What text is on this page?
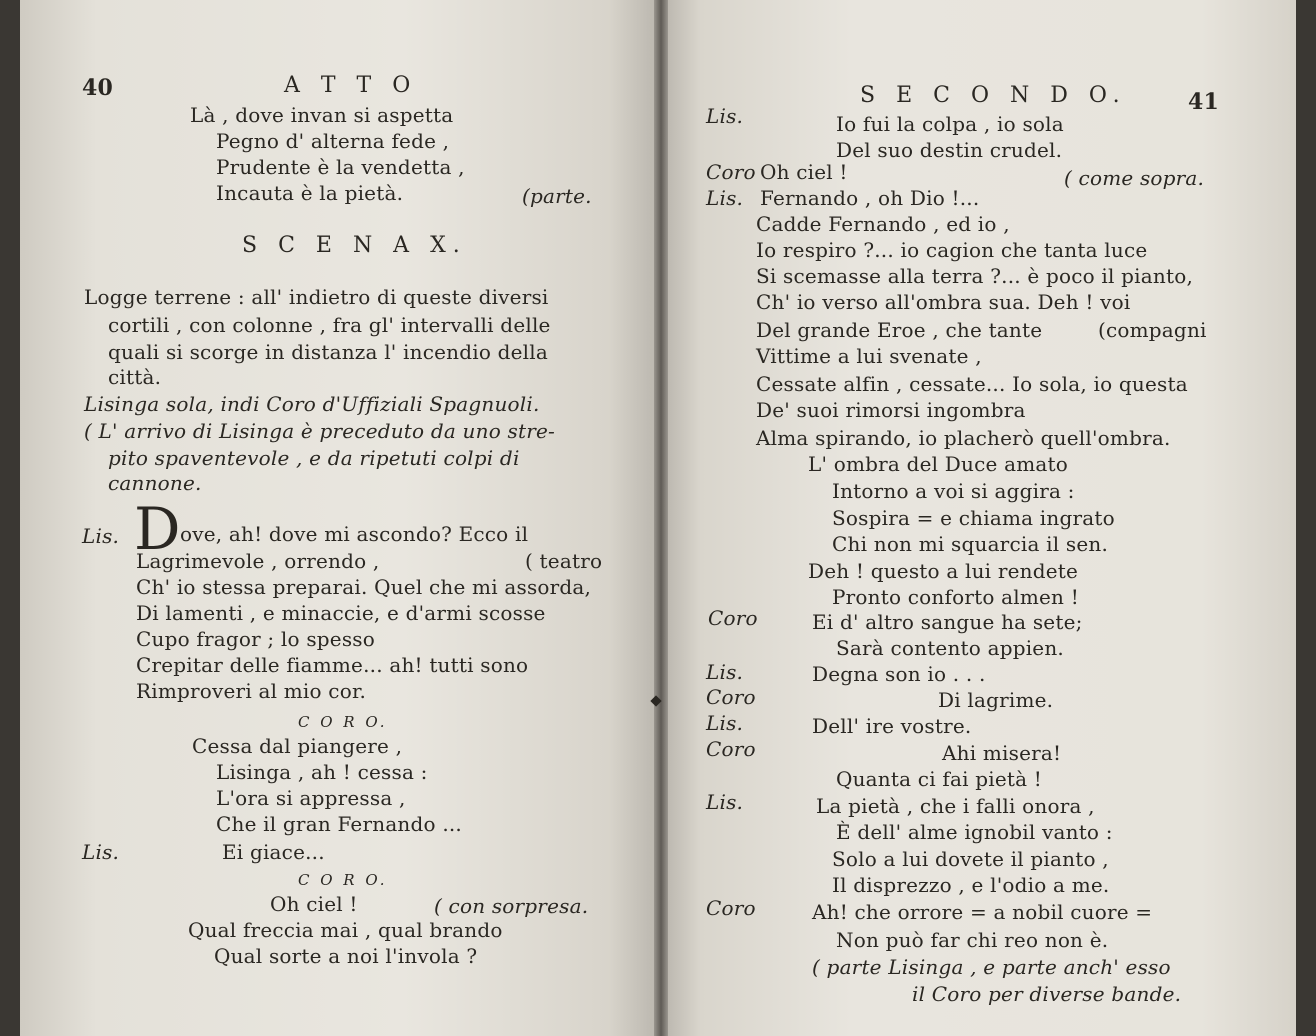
40	A T T O
Là , dove invan si aspetta
Pegno d' alterna fede ,
Prudente è la vendetta ,
Incauta è la pietà.	(parte.
S C E N A X.
Logge terrene : all' indietro di queste diversi
cortili , con colonne , fra gl' intervalli delle
quali si scorge in distanza l' incendio della
città.
Lisinga sola, indi Coro d'Uffiziali Spagnuoli.
( L' arrivo di Lisinga è preceduto da uno stre-
pito spaventevole , e da ripetuti colpi di
cannone.
Lis. D ove, ah! dove mi ascondo? Ecco il
Lagrimevole , orrendo ,	( teatro
Ch' io stessa preparai. Quel che mi assorda,
Di lamenti , e minaccie, e d'armi scosse
Cupo fragor ; lo spesso
Crepitar delle fiamme... ah! tutti sono
Rimproveri al mio cor.
C O R O.
Cessa dal piangere ,
Lisinga , ah ! cessa :
L'ora si appressa ,
Che il gran Fernando ...
Lis.	Ei giace...
C O R O.
Oh ciel !	( con sorpresa.
Qual freccia mai , qual brando
Qual sorte a noi l'invola ?
S E C O N D O.	41
Lis.	Io fui la colpa , io sola
Del suo destin crudel.
Coro Oh ciel !	( come sopra.
Lis. Fernando , oh Dio !...
Cadde Fernando , ed io ,
Io respiro ?... io cagion che tanta luce
Si scemasse alla terra ?... è poco il pianto,
Ch' io verso all'ombra sua. Deh ! voi
Del grande Eroe , che tante	(compagni
Vittime a lui svenate ,
Cessate alfin , cessate... Io sola, io questa
De' suoi rimorsi ingombra
Alma spirando, io placherò quell'ombra.
L' ombra del Duce amato
Intorno a voi si aggira :
Sospira = e chiama ingrato
Chi non mi squarcia il sen.
Deh ! questo a lui rendete
Pronto conforto almen !
Coro	Ei d' altro sangue ha sete;
Sarà contento appien.
Lis.	Degna son io . . .
Coro	Di lagrime.
Lis.	Dell' ire vostre.
Coro	Ahi misera!
Quanta ci fai pietà !
Lis.	La pietà , che i falli onora ,
È dell' alme ignobil vanto :
Solo a lui dovete il pianto ,
Il disprezzo , e l'odio a me.
Coro	Ah! che orrore = a nobil cuore =
Non può far chi reo non è.
( parte Lisinga , e parte anch' esso
il Coro per diverse bande.
